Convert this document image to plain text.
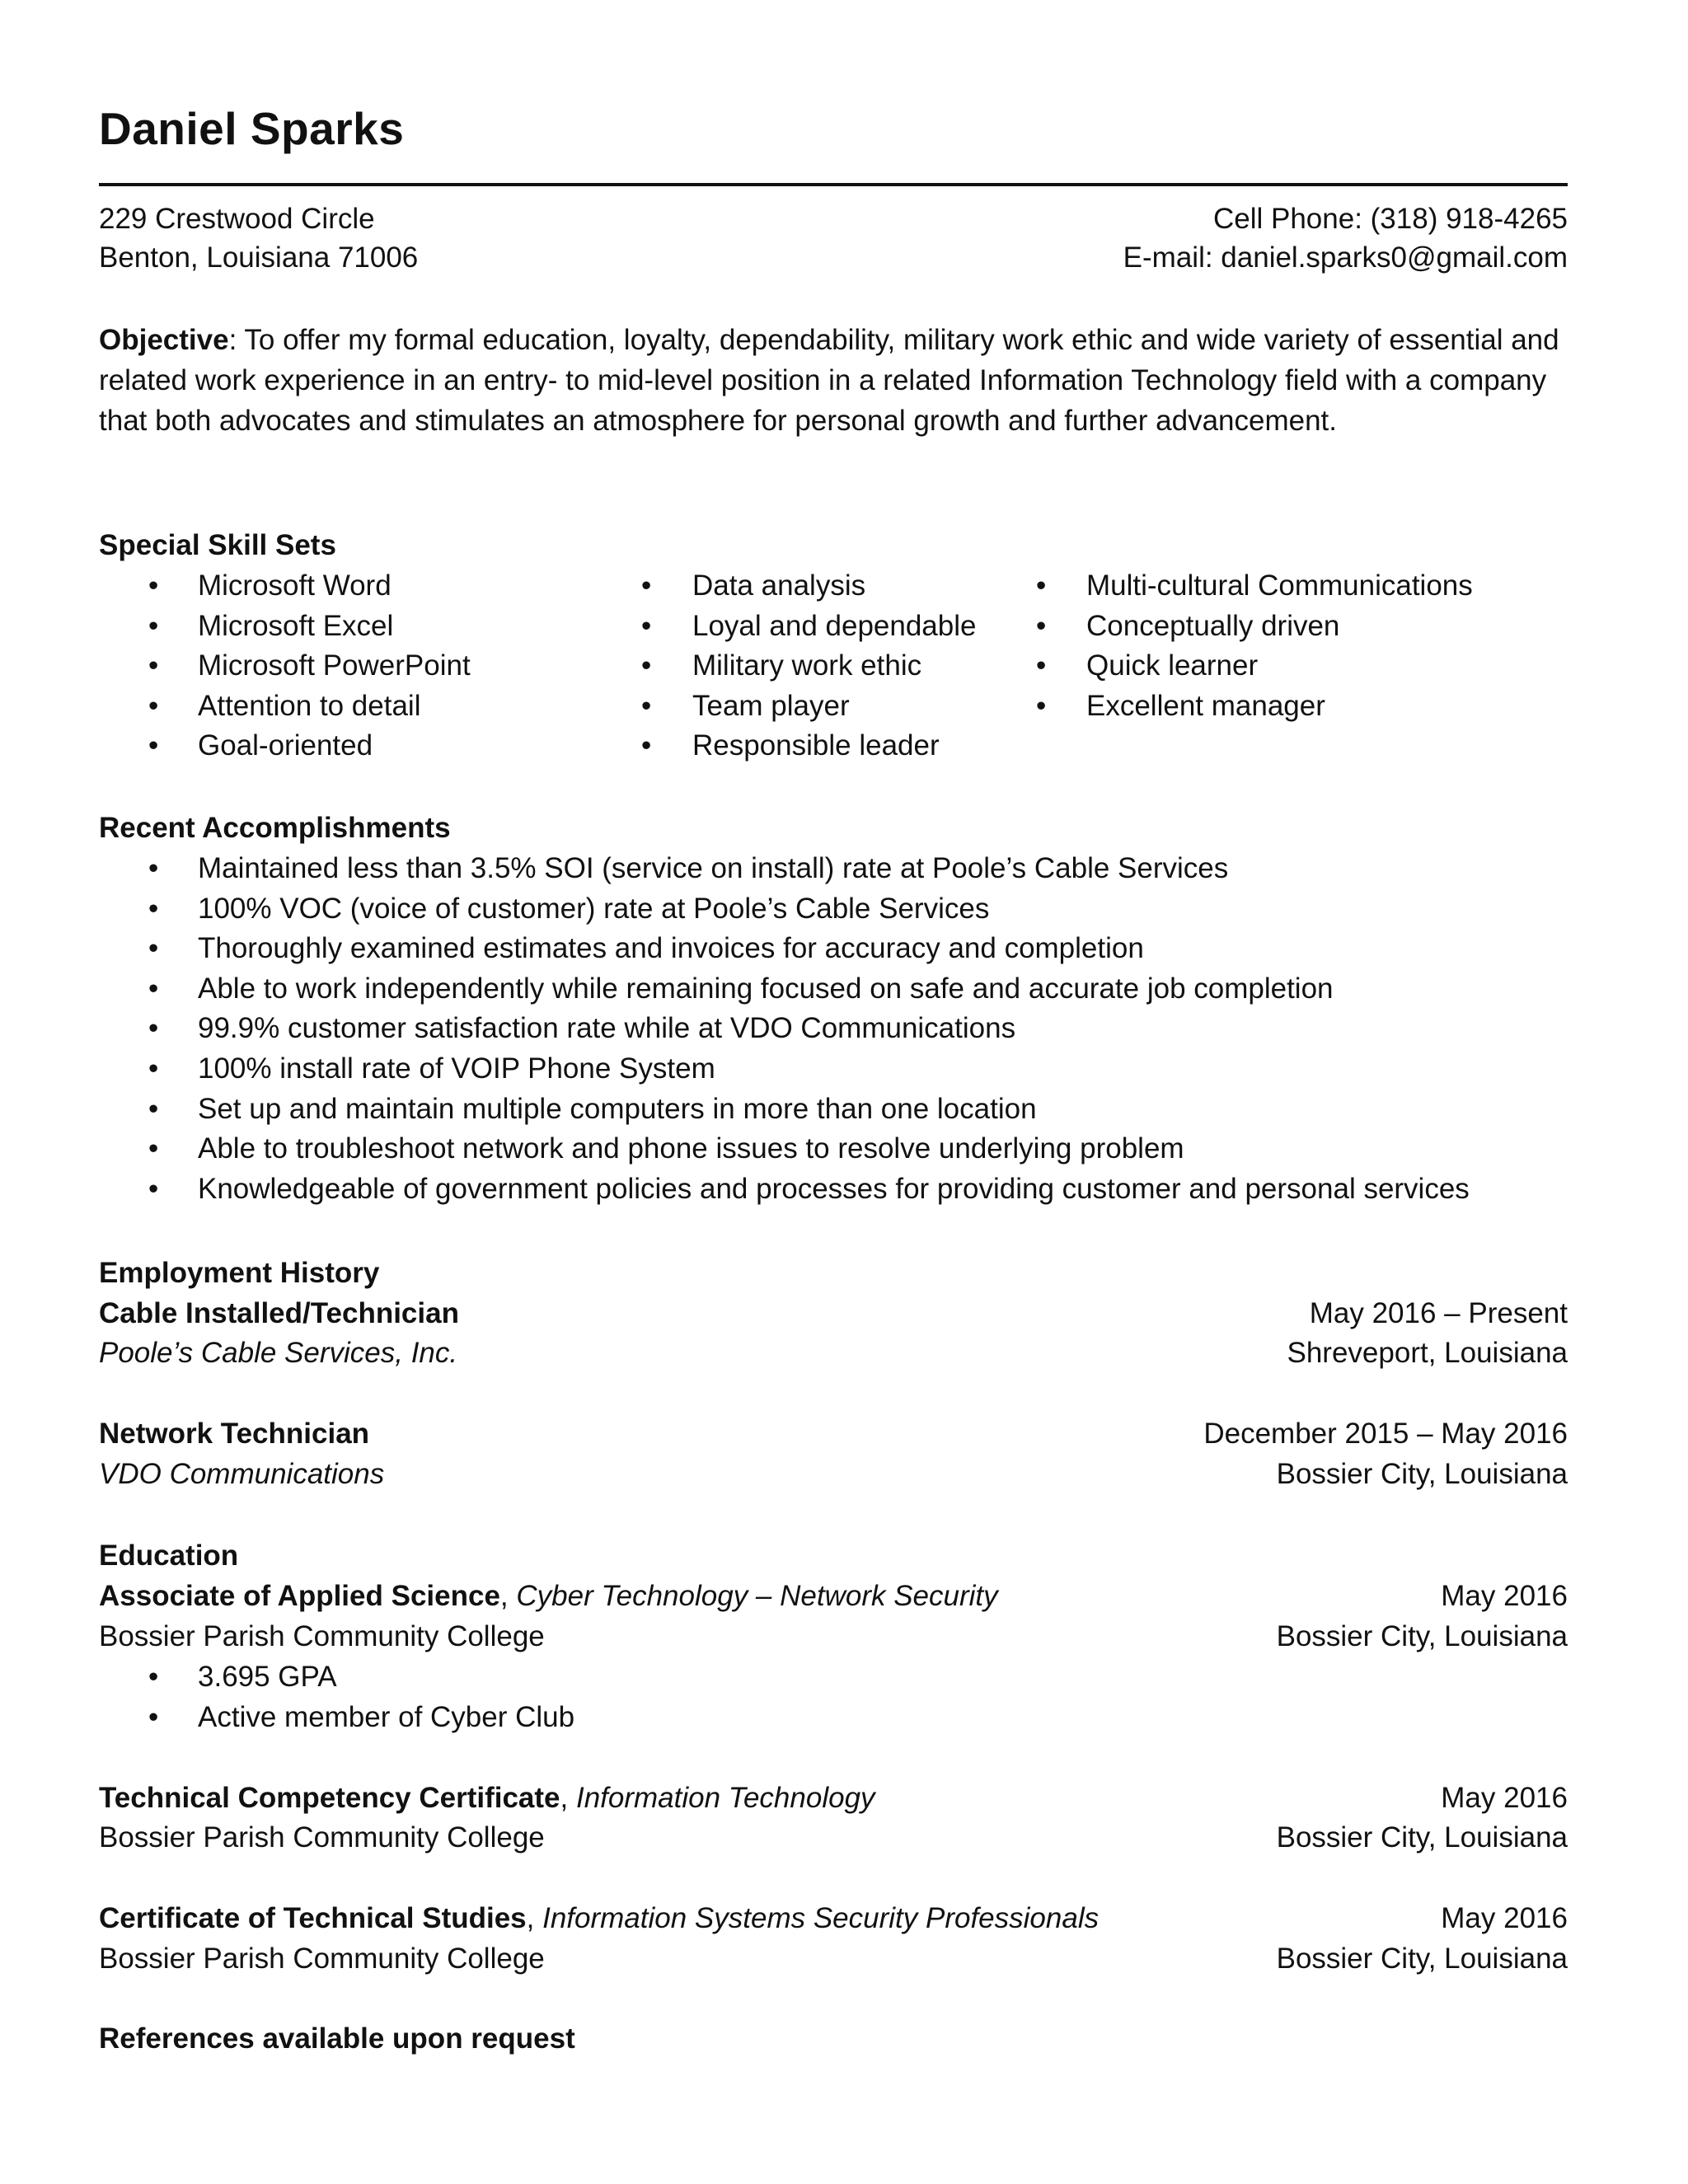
Daniel Sparks
229 Crestwood Circle	Cell Phone: (318) 918-4265
Benton, Louisiana 71006	E-mail: daniel.sparks0@gmail.com
Objective: To offer my formal education, loyalty, dependability, military work ethic and wide variety of essential and related work experience in an entry- to mid-level position in a related Information Technology field with a company that both advocates and stimulates an atmosphere for personal growth and further advancement.
Special Skill Sets
• Microsoft Word
• Microsoft Excel
• Microsoft PowerPoint
• Attention to detail
• Goal-oriented
• Data analysis
• Loyal and dependable
• Military work ethic
• Team player
• Responsible leader
• Multi-cultural Communications
• Conceptually driven
• Quick learner
• Excellent manager
Recent Accomplishments
• Maintained less than 3.5% SOI (service on install) rate at Poole’s Cable Services
• 100% VOC (voice of customer) rate at Poole’s Cable Services
• Thoroughly examined estimates and invoices for accuracy and completion
• Able to work independently while remaining focused on safe and accurate job completion
• 99.9% customer satisfaction rate while at VDO Communications
• 100% install rate of VOIP Phone System
• Set up and maintain multiple computers in more than one location
• Able to troubleshoot network and phone issues to resolve underlying problem
• Knowledgeable of government policies and processes for providing customer and personal services
Employment History
Cable Installed/Technician	May 2016 – Present
Poole’s Cable Services, Inc.	Shreveport, Louisiana
Network Technician	December 2015 – May 2016
VDO Communications	Bossier City, Louisiana
Education
Associate of Applied Science, Cyber Technology – Network Security	May 2016
Bossier Parish Community College	Bossier City, Louisiana
• 3.695 GPA
• Active member of Cyber Club
Technical Competency Certificate, Information Technology	May 2016
Bossier Parish Community College	Bossier City, Louisiana
Certificate of Technical Studies, Information Systems Security Professionals	May 2016
Bossier Parish Community College	Bossier City, Louisiana
References available upon request
